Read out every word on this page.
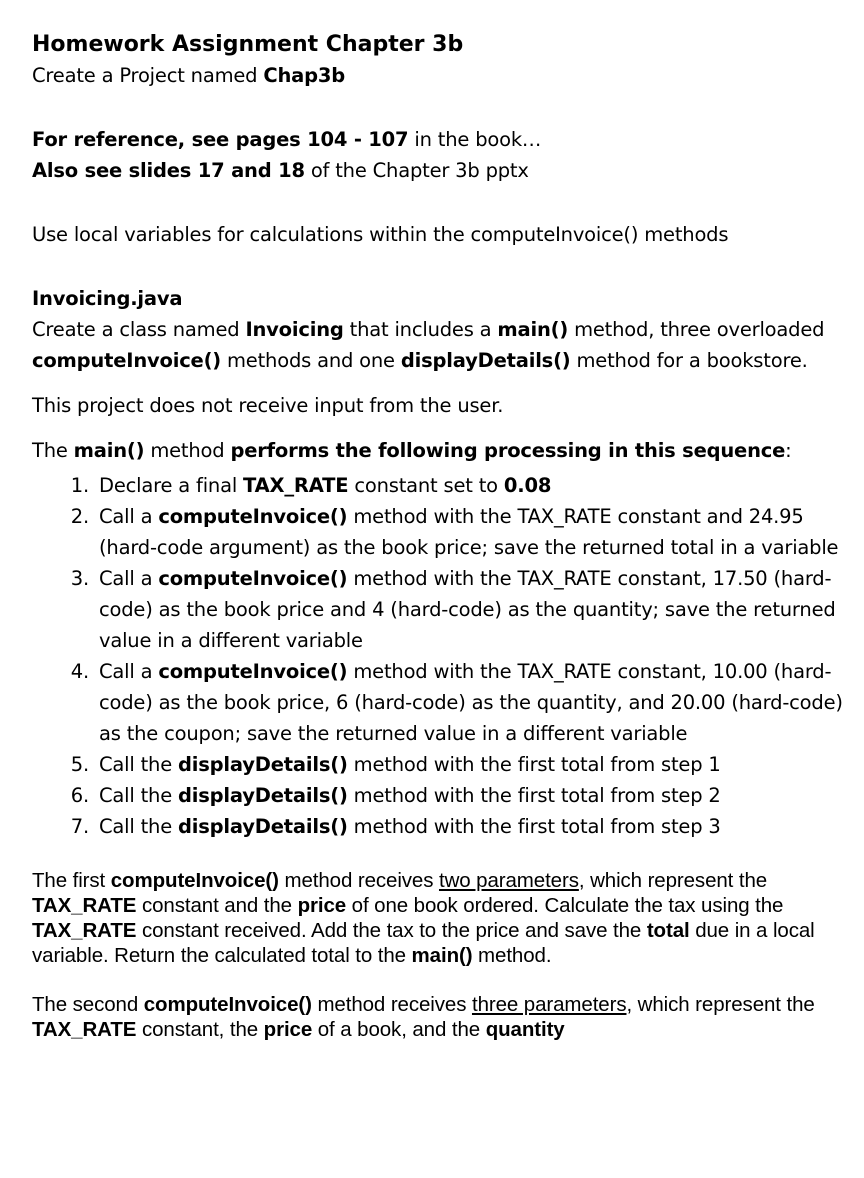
Homework Assignment Chapter 3b

Create a Project named Chap3b

For reference, see pages 104 - 107 in the book…

Also see slides 17 and 18 of the Chapter 3b pptx

Use local variables for calculations within the computeInvoice() methods

Invoicing.java

Create a class named Invoicing that includes a main() method, three overloaded computeInvoice() methods and one displayDetails() method for a bookstore.

This project does not receive input from the user.

The main() method performs the following processing in this sequence:

1. Declare a final TAX_RATE constant set to 0.08
2. Call a computeInvoice() method with the TAX_RATE constant and 24.95 (hard-code argument) as the book price; save the returned total in a variable
3. Call a computeInvoice() method with the TAX_RATE constant, 17.50 (hard-code) as the book price and 4 (hard-code) as the quantity; save the returned value in a different variable
4. Call a computeInvoice() method with the TAX_RATE constant, 10.00 (hard-code) as the book price, 6 (hard-code) as the quantity, and 20.00 (hard-code) as the coupon; save the returned value in a different variable
5. Call the displayDetails() method with the first total from step 1
6. Call the displayDetails() method with the first total from step 2
7. Call the displayDetails() method with the first total from step 3

The first computeInvoice() method receives two parameters, which represent the TAX_RATE constant and the price of one book ordered. Calculate the tax using the TAX_RATE constant received. Add the tax to the price and save the total due in a local variable. Return the calculated total to the main() method.

The second computeInvoice() method receives three parameters, which represent the TAX_RATE constant, the price of a book, and the quantity
